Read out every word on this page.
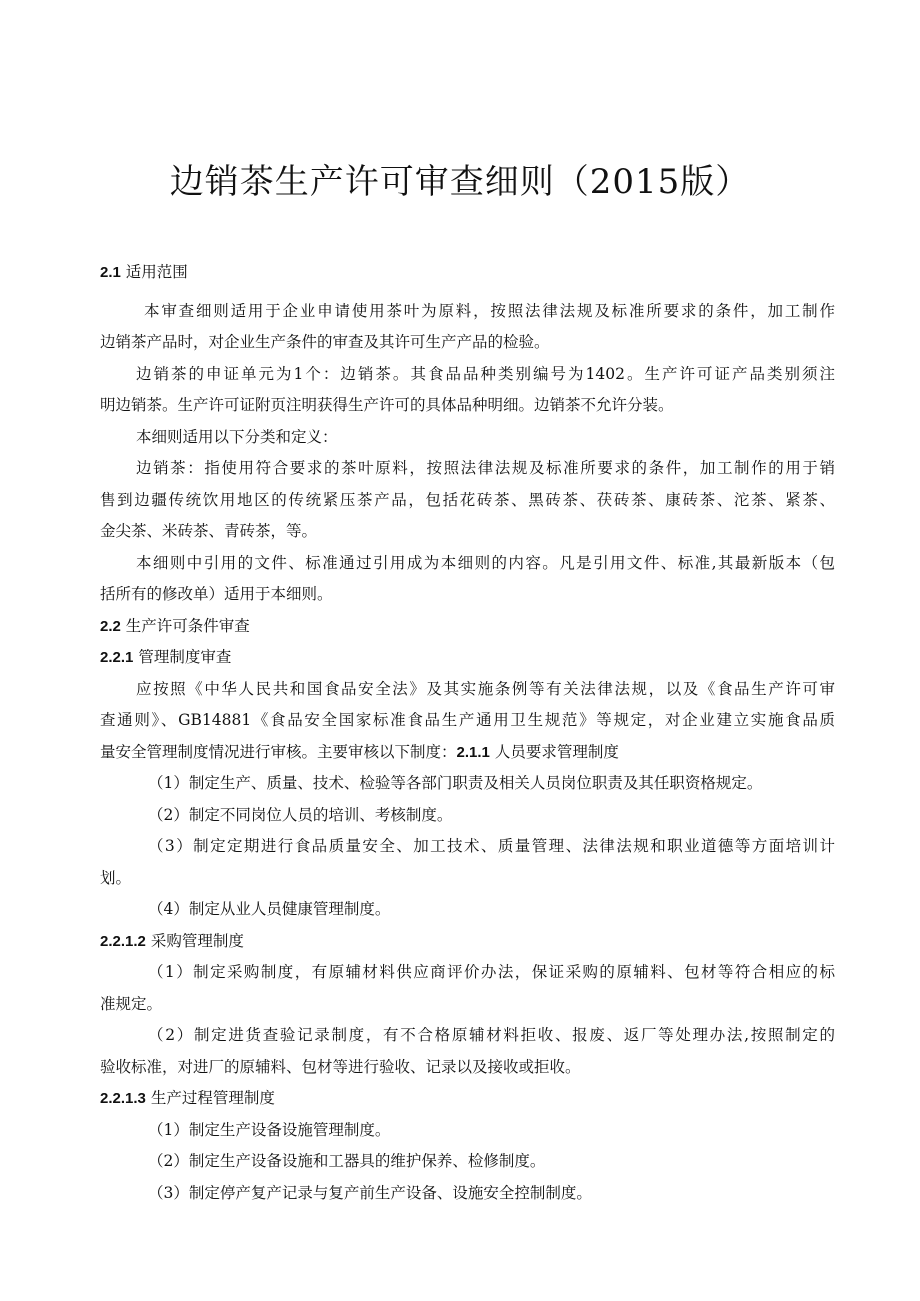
边销茶生产许可审查细则（2015版）
2.1 适用范围
本审查细则适用于企业申请使用茶叶为原料，按照法律法规及标准所要求的条件，加工制作
边销茶产品时，对企业生产条件的审查及其许可生产产品的检验。
边销茶的申证单元为1个：边销茶。其食品品种类别编号为1402。生产许可证产品类别须注
明边销茶。生产许可证附页注明获得生产许可的具体品种明细。边销茶不允许分装。
本细则适用以下分类和定义：
边销茶：指使用符合要求的茶叶原料，按照法律法规及标准所要求的条件，加工制作的用于销
售到边疆传统饮用地区的传统紧压茶产品，包括花砖茶、黑砖茶、茯砖茶、康砖茶、沱茶、紧茶、
金尖茶、米砖茶、青砖茶，等。
本细则中引用的文件、标准通过引用成为本细则的内容。凡是引用文件、标准,其最新版本（包
括所有的修改单）适用于本细则。
2.2 生产许可条件审查
2.2.1 管理制度审查
应按照《中华人民共和国食品安全法》及其实施条例等有关法律法规，以及《食品生产许可审
查通则》、GB14881《食品安全国家标准食品生产通用卫生规范》等规定，对企业建立实施食品质
量安全管理制度情况进行审核。主要审核以下制度：2.1.1 人员要求管理制度
（1）制定生产、质量、技术、检验等各部门职责及相关人员岗位职责及其任职资格规定。
（2）制定不同岗位人员的培训、考核制度。
（3）制定定期进行食品质量安全、加工技术、质量管理、法律法规和职业道德等方面培训计
划。
（4）制定从业人员健康管理制度。
2.2.1.2 采购管理制度
（1）制定采购制度，有原辅材料供应商评价办法，保证采购的原辅料、包材等符合相应的标
准规定。
（2）制定进货查验记录制度，有不合格原辅材料拒收、报废、返厂等处理办法,按照制定的
验收标准，对进厂的原辅料、包材等进行验收、记录以及接收或拒收。
2.2.1.3 生产过程管理制度
（1）制定生产设备设施管理制度。
（2）制定生产设备设施和工器具的维护保养、检修制度。
（3）制定停产复产记录与复产前生产设备、设施安全控制制度。
